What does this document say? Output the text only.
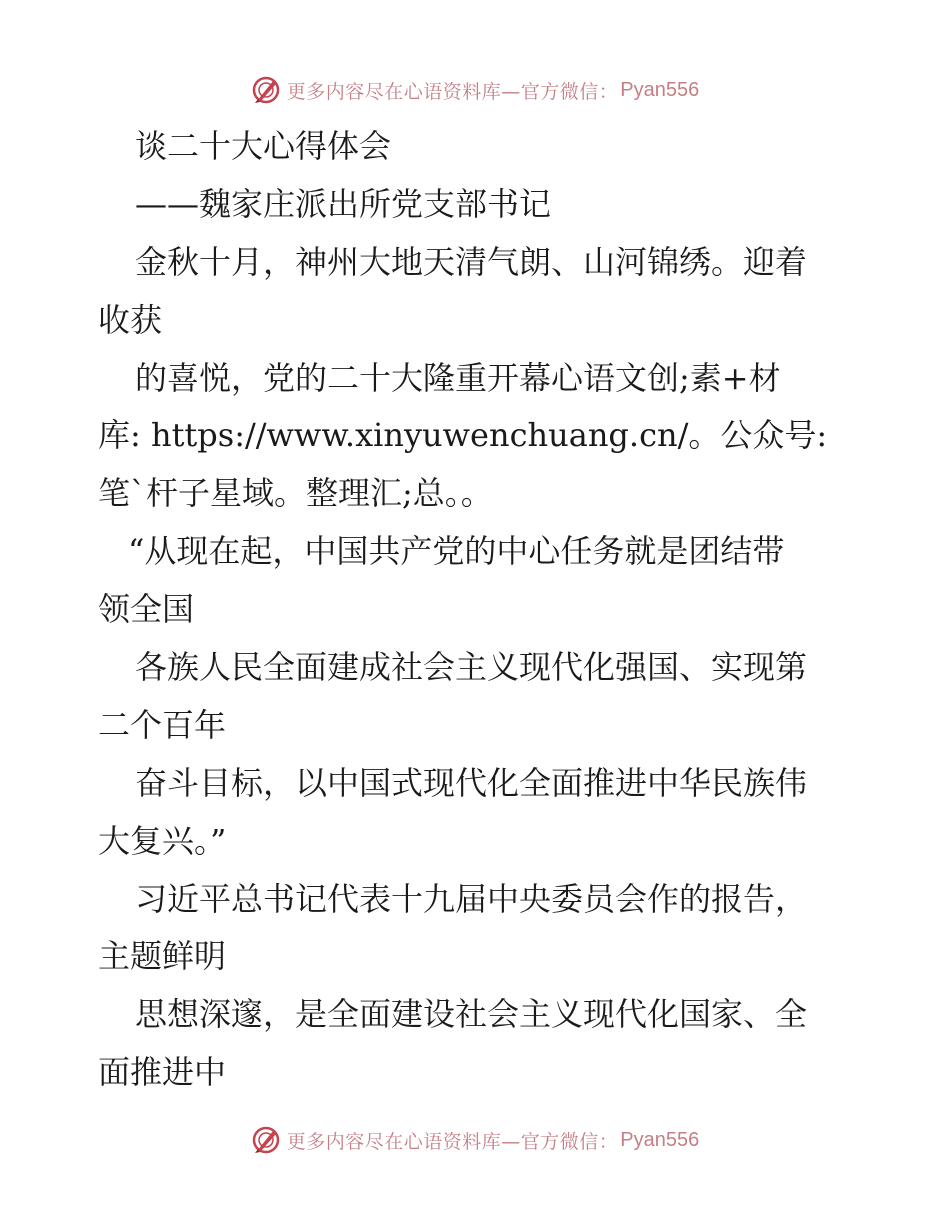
更多内容尽在心语资料库—官方微信： Pyan556
谈二十大心得体会
——魏家庄派出所党支部书记
金秋十月，神州大地天清气朗、山河锦绣。迎着
收获
的喜悦，党的二十大隆重开幕心语文创;素+材
库: https://www.xinyuwenchuang.cn/。公众号:
笔`杆子星域。整理汇;总。。
“从现在起，中国共产党的中心任务就是团结带
领全国
各族人民全面建成社会主义现代化强国、实现第
二个百年
奋斗目标，以中国式现代化全面推进中华民族伟
大复兴。”
习近平总书记代表十九届中央委员会作的报告，
主题鲜明
思想深邃，是全面建设社会主义现代化国家、全
面推进中
更多内容尽在心语资料库—官方微信： Pyan556
